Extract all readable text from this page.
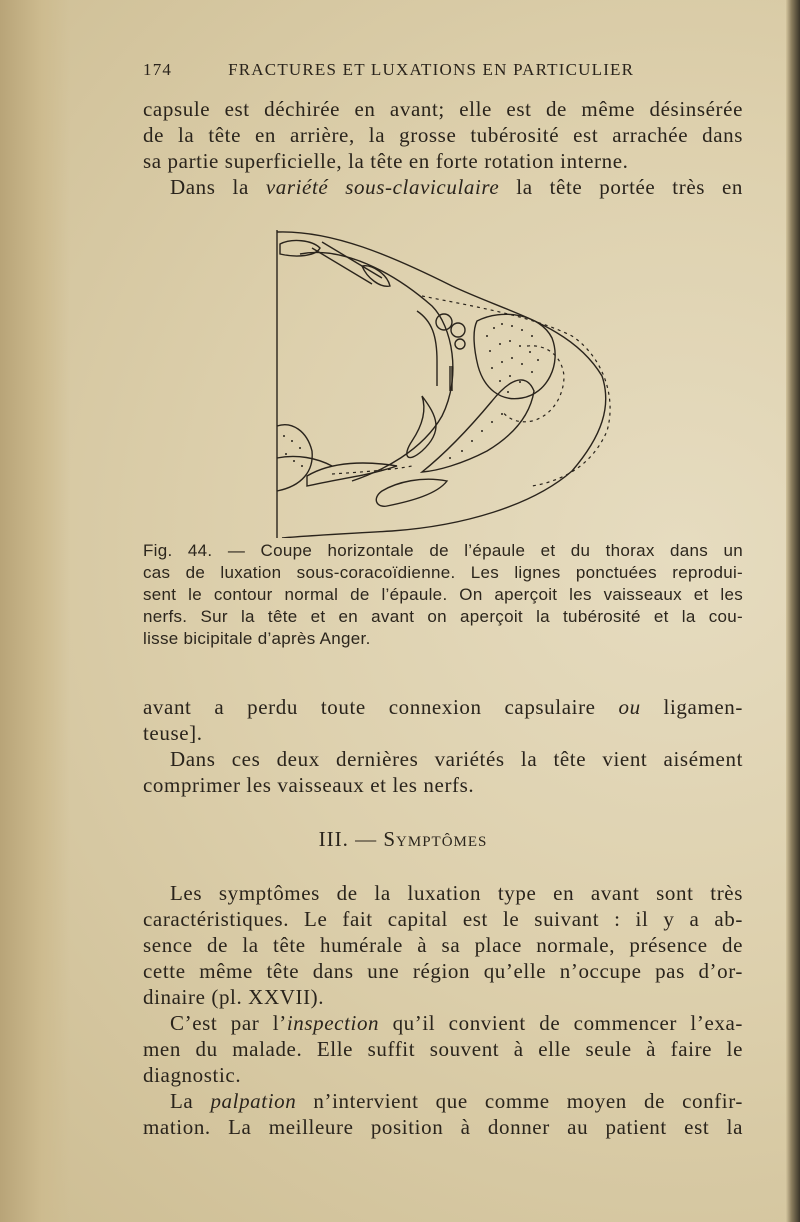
174	FRACTURES ET LUXATIONS EN PARTICULIER
capsule est déchirée en avant; elle est de même désinsérée
de la tête en arrière, la grosse tubérosité est arrachée dans
sa partie superficielle, la tête en forte rotation interne.
Dans la variété sous-claviculaire la tête portée très en
Fig. 44. — Coupe horizontale de l’épaule et du thorax dans un
cas de luxation sous-coracoïdienne. Les lignes ponctuées reprodui-
sent le contour normal de l’épaule. On aperçoit les vaisseaux et les
nerfs. Sur la tête et en avant on aperçoit la tubérosité et la cou-
lisse bicipitale d’après Anger.
avant a perdu toute connexion capsulaire ou ligamen-
teuse].
Dans ces deux dernières variétés la tête vient aisément
comprimer les vaisseaux et les nerfs.
III. — Symptômes
Les symptômes de la luxation type en avant sont très
caractéristiques. Le fait capital est le suivant : il y a ab-
sence de la tête humérale à sa place normale, présence de
cette même tête dans une région qu’elle n’occupe pas d’or-
dinaire (pl. XXVII).
C’est par l’inspection qu’il convient de commencer l’exa-
men du malade. Elle suffit souvent à elle seule à faire le
diagnostic.
La palpation n’intervient que comme moyen de confir-
mation. La meilleure position à donner au patient est la
